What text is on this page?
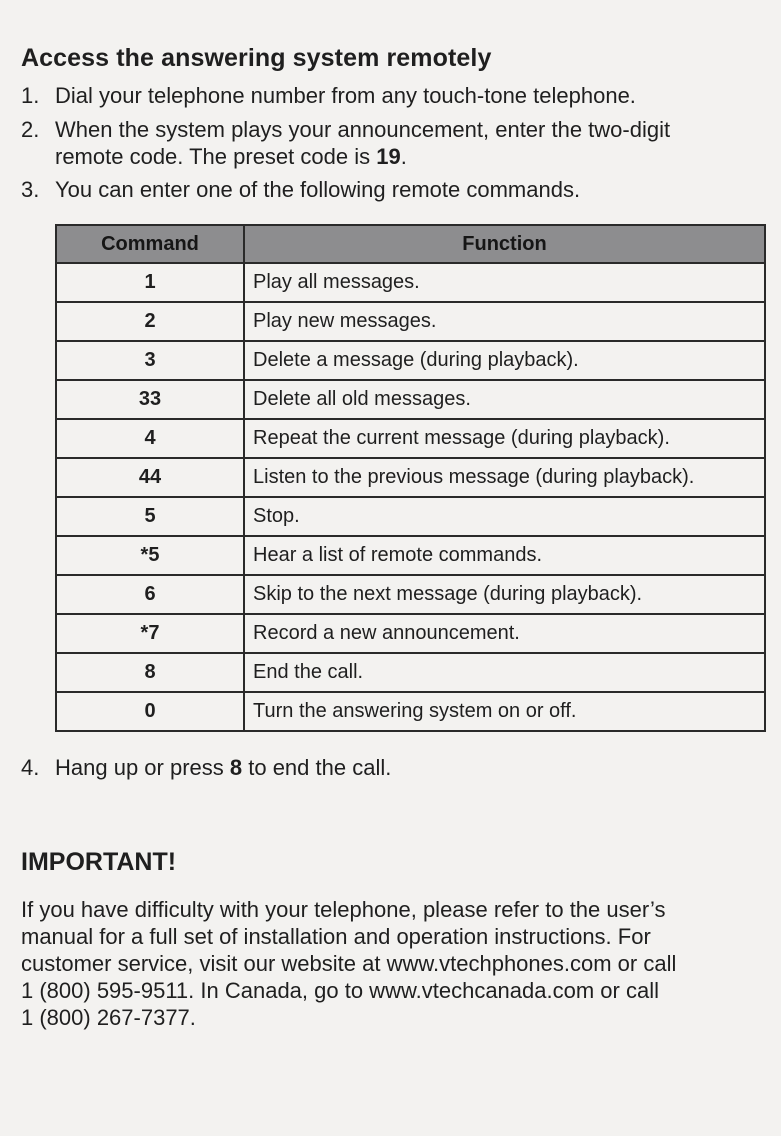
Access the answering system remotely
1. Dial your telephone number from any touch-tone telephone.
2. When the system plays your announcement, enter the two-digit
remote code. The preset code is 19.
3. You can enter one of the following remote commands.
Command	Function
1	Play all messages.
2	Play new messages.
3	Delete a message (during playback).
33	Delete all old messages.
4	Repeat the current message (during playback).
44	Listen to the previous message (during playback).
5	Stop.
*5	Hear a list of remote commands.
6	Skip to the next message (during playback).
*7	Record a new announcement.
8	End the call.
0	Turn the answering system on or off.
4. Hang up or press 8 to end the call.
IMPORTANT!
If you have difficulty with your telephone, please refer to the user’s
manual for a full set of installation and operation instructions. For
customer service, visit our website at www.vtechphones.com or call
1 (800) 595-9511. In Canada, go to www.vtechcanada.com or call
1 (800) 267-7377.
